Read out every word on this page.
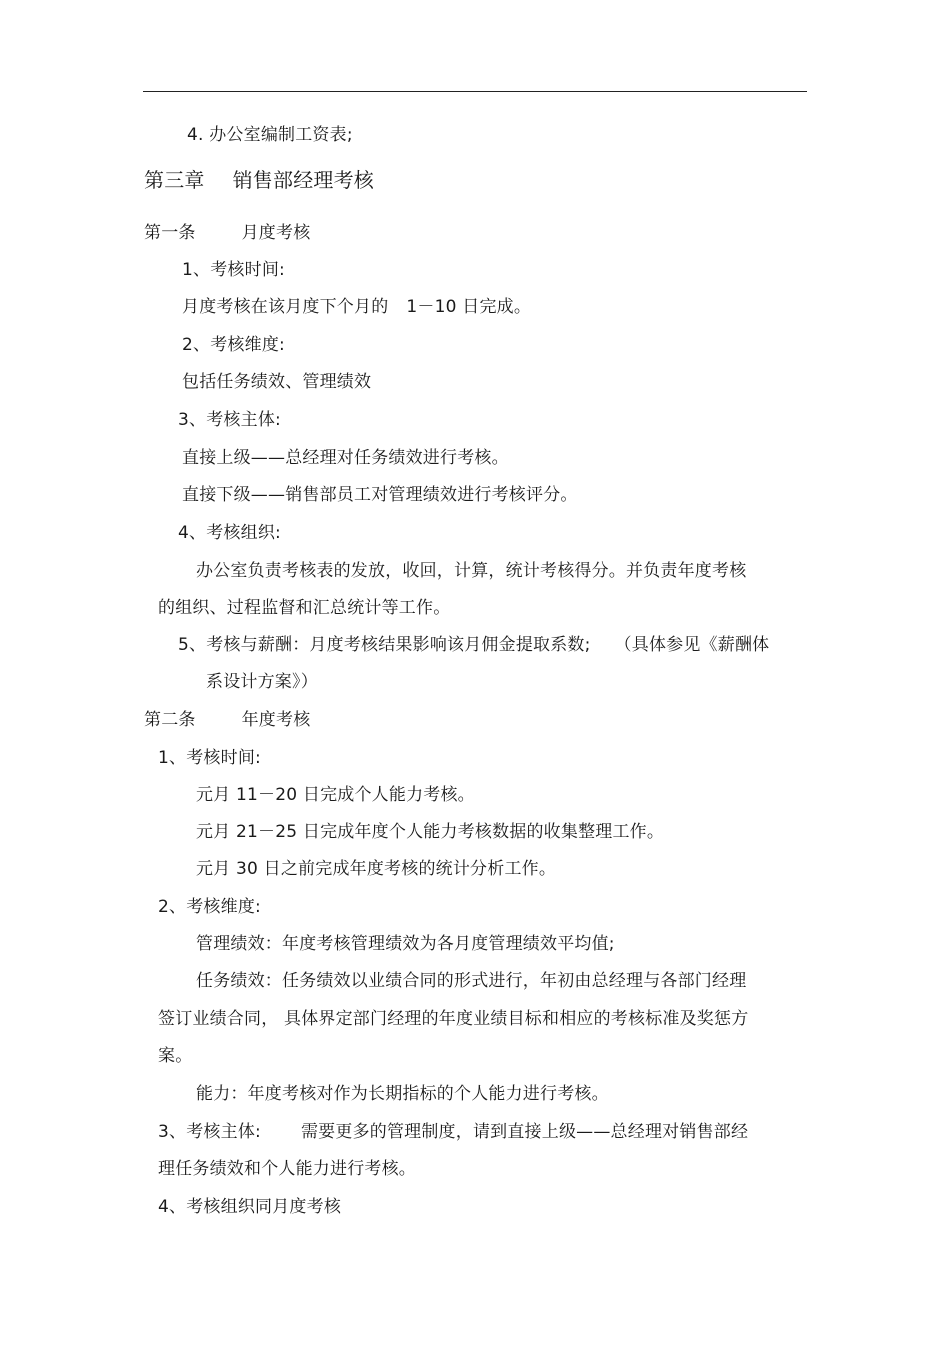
4. 办公室编制工资表;
第三章 销售部经理考核
第一条	月度考核
1、考核时间:
月度考核在该月度下个月的 1－10 日完成。
2、考核维度:
包括任务绩效、管理绩效
3、考核主体:
直接上级——总经理对任务绩效进行考核。
直接下级——销售部员工对管理绩效进行考核评分。
4、考核组织:
办公室负责考核表的发放，收回，计算，统计考核得分。并负责年度考核
的组织、过程监督和汇总统计等工作。
5、考核与薪酬：月度考核结果影响该月佣金提取系数; （具体参见《薪酬体
系设计方案》）
第二条	年度考核
1、考核时间:
元月 11－20 日完成个人能力考核。
元月 21－25 日完成年度个人能力考核数据的收集整理工作。
元月 30 日之前完成年度考核的统计分析工作。
2、考核维度:
管理绩效：年度考核管理绩效为各月度管理绩效平均值;
任务绩效：任务绩效以业绩合同的形式进行，年初由总经理与各部门经理
签订业绩合同， 具体界定部门经理的年度业绩目标和相应的考核标准及奖惩方
案。
能力：年度考核对作为长期指标的个人能力进行考核。
3、考核主体: 需要更多的管理制度，请到直接上级——总经理对销售部经
理任务绩效和个人能力进行考核。
4、考核组织同月度考核
